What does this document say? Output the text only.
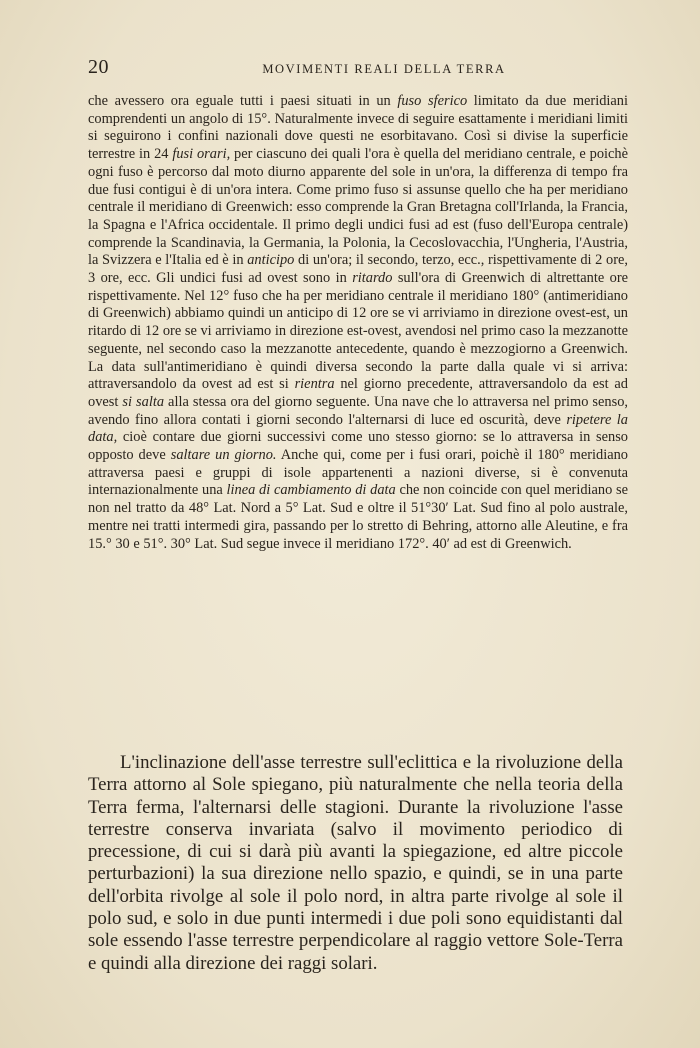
20	MOVIMENTI REALI DELLA TERRA

che avessero ora eguale tutti i paesi situati in un fuso sferico limitato da due meridiani comprendenti un angolo di 15°. Naturalmente invece di seguire esattamente i meridiani limiti si seguirono i confini nazionali dove questi ne esorbitavano. Così si divise la superficie terrestre in 24 fusi orari, per ciascuno dei quali l'ora è quella del meridiano centrale, e poichè ogni fuso è percorso dal moto diurno apparente del sole in un'ora, la differenza di tempo fra due fusi contigui è di un'ora intera. Come primo fuso si assunse quello che ha per meridiano centrale il meridiano di Greenwich: esso comprende la Gran Bretagna coll'Irlanda, la Francia, la Spagna e l'Africa occidentale. Il primo degli undici fusi ad est (fuso dell'Europa centrale) comprende la Scandinavia, la Germania, la Polonia, la Cecoslovacchia, l'Ungheria, l'Austria, la Svizzera e l'Italia ed è in anticipo di un'ora; il secondo, terzo, ecc., rispettivamente di 2 ore, 3 ore, ecc. Gli undici fusi ad ovest sono in ritardo sull'ora di Greenwich di altrettante ore rispettivamente. Nel 12° fuso che ha per meridiano centrale il meridiano 180° (antimeridiano di Greenwich) abbiamo quindi un anticipo di 12 ore se vi arriviamo in direzione ovest-est, un ritardo di 12 ore se vi arriviamo in direzione est-ovest, avendosi nel primo caso la mezzanotte seguente, nel secondo caso la mezzanotte antecedente, quando è mezzogiorno a Greenwich. La data sull'antimeridiano è quindi diversa secondo la parte dalla quale vi si arriva: attraversandolo da ovest ad est si rientra nel giorno precedente, attraversandolo da est ad ovest si salta alla stessa ora del giorno seguente. Una nave che lo attraversa nel primo senso, avendo fino allora contati i giorni secondo l'alternarsi di luce ed oscurità, deve ripetere la data, cioè contare due giorni successivi come uno stesso giorno: se lo attraversa in senso opposto deve saltare un giorno. Anche qui, come per i fusi orari, poichè il 180° meridiano attraversa paesi e gruppi di isole appartenenti a nazioni diverse, si è convenuta internazionalmente una linea di cambiamento di data che non coincide con quel meridiano se non nel tratto da 48° Lat. Nord a 5° Lat. Sud e oltre il 51°30′ Lat. Sud fino al polo australe, mentre nei tratti intermedi gira, passando per lo stretto di Behring, attorno alle Aleutine, e fra 15.° 30 e 51°. 30° Lat. Sud segue invece il meridiano 172°. 40′ ad est di Greenwich.

L'inclinazione dell'asse terrestre sull'eclittica e la rivoluzione della Terra attorno al Sole spiegano, più naturalmente che nella teoria della Terra ferma, l'alternarsi delle stagioni. Durante la rivoluzione l'asse terrestre conserva invariata (salvo il movimento periodico di precessione, di cui si darà più avanti la spiegazione, ed altre piccole perturbazioni) la sua direzione nello spazio, e quindi, se in una parte dell'orbita rivolge al sole il polo nord, in altra parte rivolge al sole il polo sud, e solo in due punti intermedi i due poli sono equidistanti dal sole essendo l'asse terrestre perpendicolare al raggio vettore Sole-Terra e quindi alla direzione dei raggi solari.
